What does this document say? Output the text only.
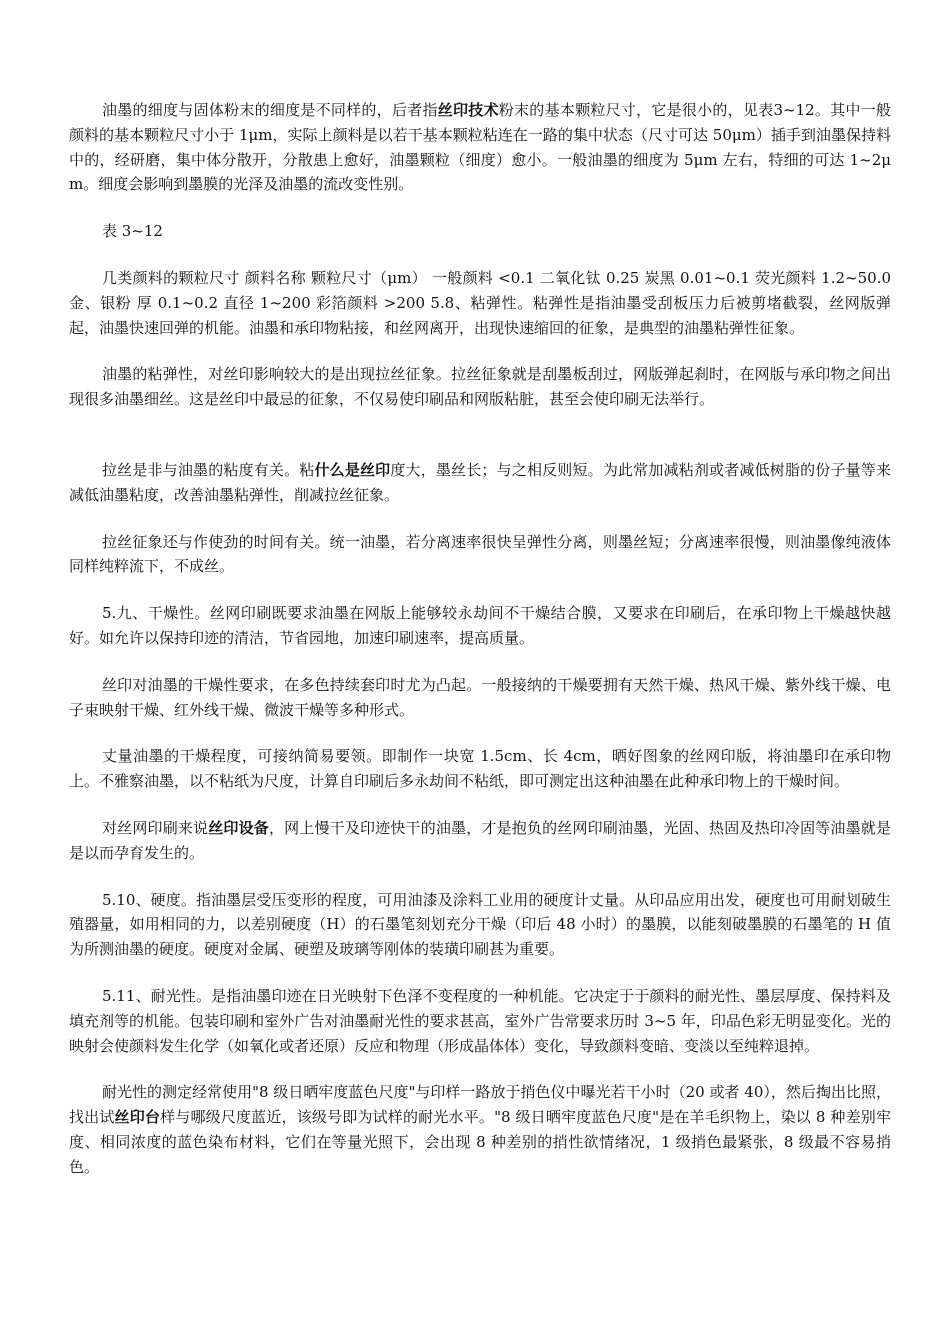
油墨的细度与固体粉末的细度是不同样的，后者指丝印技术粉末的基本颗粒尺寸，它是很小的，见表3~12。其中一般颜料的基本颗粒尺寸小于 1μm，实际上颜料是以若干基本颗粒粘连在一路的集中状态（尺寸可达 50μm）插手到油墨保持料中的，经研磨，集中体分散开，分散患上愈好，油墨颗粒（细度）愈小。一般油墨的细度为 5μm 左右，特细的可达 1~2μm。细度会影响到墨膜的光泽及油墨的流改变性别。

表 3~12

几类颜料的颗粒尺寸 颜料名称 颗粒尺寸（μm） 一般颜料 <0.1 二氧化钛 0.25 炭黑 0.01~0.1 荧光颜料 1.2~50.0 金、银粉 厚 0.1~0.2 直径 1~200 彩箔颜料 >200 5.8、粘弹性。粘弹性是指油墨受刮板压力后被剪堵截裂，丝网版弹起，油墨快速回弹的机能。油墨和承印物粘接，和丝网离开，出现快速缩回的征象，是典型的油墨粘弹性征象。

油墨的粘弹性，对丝印影响较大的是出现拉丝征象。拉丝征象就是刮墨板刮过，网版弹起刹时，在网版与承印物之间出现很多油墨细丝。这是丝印中最忌的征象，不仅易使印刷品和网版粘脏，甚至会使印刷无法举行。

拉丝是非与油墨的粘度有关。粘什么是丝印度大，墨丝长；与之相反则短。为此常加减粘剂或者减低树脂的份子量等来减低油墨粘度，改善油墨粘弹性，削减拉丝征象。

拉丝征象还与作使劲的时间有关。统一油墨，若分离速率很快呈弹性分离，则墨丝短；分离速率很慢，则油墨像纯液体同样纯粹流下，不成丝。

5.九、干燥性。丝网印刷既要求油墨在网版上能够较永劫间不干燥结合膜，又要求在印刷后，在承印物上干燥越快越好。如允许以保持印迹的清洁，节省园地，加速印刷速率，提高质量。

丝印对油墨的干燥性要求，在多色持续套印时尤为凸起。一般接纳的干燥要拥有天然干燥、热风干燥、紫外线干燥、电子束映射干燥、红外线干燥、微波干燥等多种形式。

丈量油墨的干燥程度，可接纳简易要领。即制作一块宽 1.5cm、长 4cm，晒好图象的丝网印版，将油墨印在承印物上。不雅察油墨，以不粘纸为尺度，计算自印刷后多永劫间不粘纸，即可测定出这种油墨在此种承印物上的干燥时间。

对丝网印刷来说丝印设备，网上慢干及印迹快干的油墨，才是抱负的丝网印刷油墨，光固、热固及热印冷固等油墨就是是以而孕育发生的。

5.10、硬度。指油墨层受压变形的程度，可用油漆及涂料工业用的硬度计丈量。从印品应用出发，硬度也可用耐划破生殖器量，如用相同的力，以差别硬度（H）的石墨笔刻划充分干燥（印后 48 小时）的墨膜，以能刻破墨膜的石墨笔的 H 值为所测油墨的硬度。硬度对金属、硬塑及玻璃等刚体的装璜印刷甚为重要。

5.11、耐光性。是指油墨印迹在日光映射下色泽不变程度的一种机能。它决定于于颜料的耐光性、墨层厚度、保持料及填充剂等的机能。包装印刷和室外广告对油墨耐光性的要求甚高，室外广告常要求历时 3~5 年，印品色彩无明显变化。光的映射会使颜料发生化学（如氧化或者还原）反应和物理（形成晶体体）变化，导致颜料变暗、变淡以至纯粹退掉。

耐光性的测定经常使用"8 级日晒牢度蓝色尺度"与印样一路放于捎色仪中曝光若干小时（20 或者 40），然后掏出比照，找出试丝印台样与哪级尺度蓝近，该级号即为试样的耐光水平。"8 级日晒牢度蓝色尺度"是在羊毛织物上，染以 8 种差别牢度、相同浓度的蓝色染布材料，它们在等量光照下，会出现 8 种差别的捎性欲情绪况，1 级捎色最紧张，8 级最不容易捎色。
